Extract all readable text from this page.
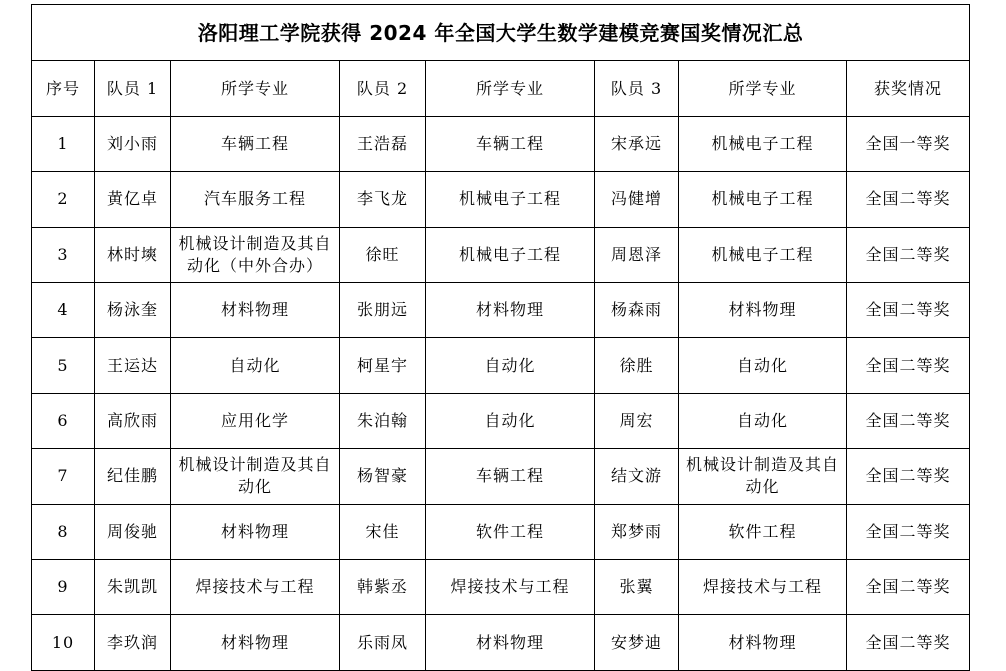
洛阳理工学院获得 2024 年全国大学生数学建模竞赛国奖情况汇总							
序号	队员 1	所学专业	队员 2	所学专业	队员 3	所学专业	获奖情况
1	刘小雨	车辆工程	王浩磊	车辆工程	宋承远	机械电子工程	全国一等奖
2	黄亿卓	汽车服务工程	李飞龙	机械电子工程	冯健增	机械电子工程	全国二等奖
3	林时塽	机械设计制造及其自动化（中外合办）	徐旺	机械电子工程	周恩泽	机械电子工程	全国二等奖
4	杨泳奎	材料物理	张朋远	材料物理	杨森雨	材料物理	全国二等奖
5	王运达	自动化	柯星宇	自动化	徐胜	自动化	全国二等奖
6	高欣雨	应用化学	朱泊翰	自动化	周宏	自动化	全国二等奖
7	纪佳鹏	机械设计制造及其自动化	杨智豪	车辆工程	结文游	机械设计制造及其自动化	全国二等奖
8	周俊驰	材料物理	宋佳	软件工程	郑梦雨	软件工程	全国二等奖
9	朱凯凯	焊接技术与工程	韩紫丞	焊接技术与工程	张翼	焊接技术与工程	全国二等奖
10	李玖润	材料物理	乐雨凤	材料物理	安梦迪	材料物理	全国二等奖
